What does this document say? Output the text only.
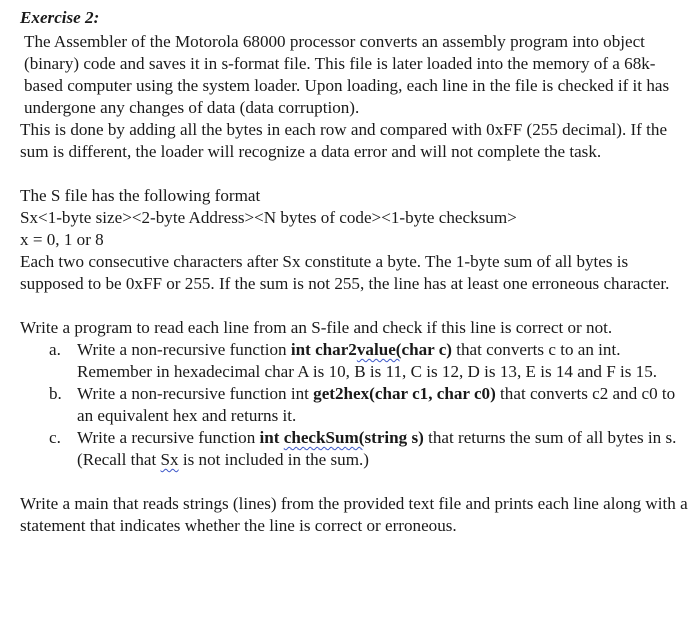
Exercise 2:

The Assembler of the Motorola 68000 processor converts an assembly program into object (binary) code and saves it in s-format file. This file is later loaded into the memory of a 68k-based computer using the system loader. Upon loading, each line in the file is checked if it has undergone any changes of data (data corruption).

This is done by adding all the bytes in each row and compared with 0xFF (255 decimal). If the sum is different, the loader will recognize a data error and will not complete the task.

The S file has the following format

Sx<1-byte size><2-byte Address><N bytes of code><1-byte checksum>

x = 0, 1 or 8

Each two consecutive characters after Sx constitute a byte. The 1-byte sum of all bytes is supposed to be 0xFF or 255. If the sum is not 255, the line has at least one erroneous character.

Write a program to read each line from an S-file and check if this line is correct or not.

a. Write a non-recursive function int char2value(char c) that converts c to an int. Remember in hexadecimal char A is 10, B is 11, C is 12, D is 13, E is 14 and F is 15.
b. Write a non-recursive function int get2hex(char c1, char c0) that converts c2 and c0 to an equivalent hex and returns it.
c. Write a recursive function int checkSum(string s) that returns the sum of all bytes in s. (Recall that Sx is not included in the sum.)

Write a main that reads strings (lines) from the provided text file and prints each line along with a statement that indicates whether the line is correct or erroneous.
